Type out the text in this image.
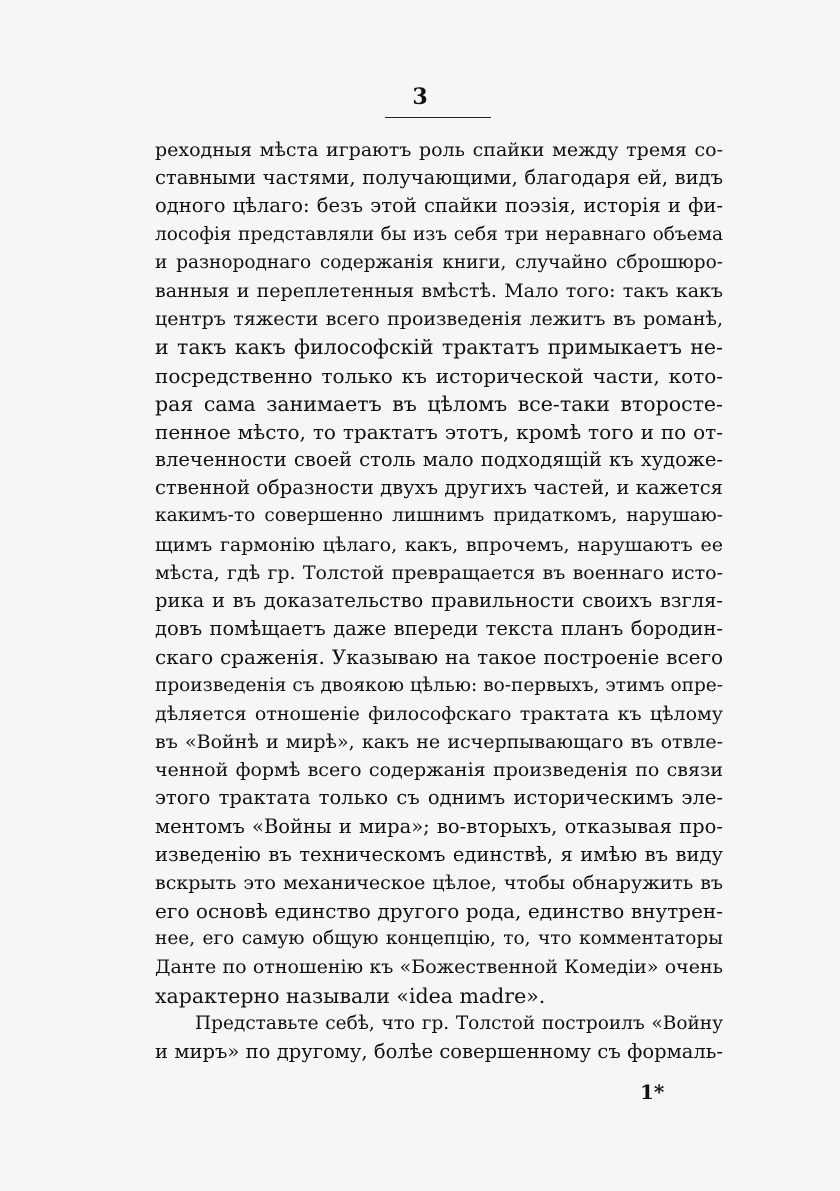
3
реходныя мѣста играютъ роль спайки между тремя со-
ставными частями, получающими, благодаря ей, видъ
одного цѣлаго: безъ этой спайки поэзія, исторія и фи-
лософія представляли бы изъ себя три неравнаго объема
и разнороднаго содержанія книги, случайно сброшюро-
ванныя и переплетенныя вмѣстѣ. Мало того: такъ какъ
центръ тяжести всего произведенія лежитъ въ романѣ,
и такъ какъ философскій трактатъ примыкаетъ не-
посредственно только къ исторической части, кото-
рая сама занимаетъ въ цѣломъ все-таки второсте-
пенное мѣсто, то трактатъ этотъ, кромѣ того и по от-
влеченности своей столь мало подходящій къ художе-
ственной образности двухъ другихъ частей, и кажется
какимъ-то совершенно лишнимъ придаткомъ, нарушаю-
щимъ гармонію цѣлаго, какъ, впрочемъ, нарушаютъ ее
мѣста, гдѣ гр. Толстой превращается въ военнаго исто-
рика и въ доказательство правильности своихъ взгля-
довъ помѣщаетъ даже впереди текста планъ бородин-
скаго сраженія. Указываю на такое построеніе всего
произведенія съ двоякою цѣлью: во-первыхъ, этимъ опре-
дѣляется отношеніе философскаго трактата къ цѣлому
въ «Войнѣ и мирѣ», какъ не исчерпывающаго въ отвле-
ченной формѣ всего содержанія произведенія по связи
этого трактата только съ однимъ историческимъ эле-
ментомъ «Войны и мира»; во-вторыхъ, отказывая про-
изведенію въ техническомъ единствѣ, я имѣю въ виду
вскрыть это механическое цѣлое, чтобы обнаружить въ
его основѣ единство другого рода, единство внутрен-
нее, его самую общую концепцію, то, что комментаторы
Данте по отношенію къ «Божественной Комедіи» очень
характерно называли «idea madre».
Представьте себѣ, что гр. Толстой построилъ «Войну
и миръ» по другому, болѣе совершенному съ формаль-
1*
